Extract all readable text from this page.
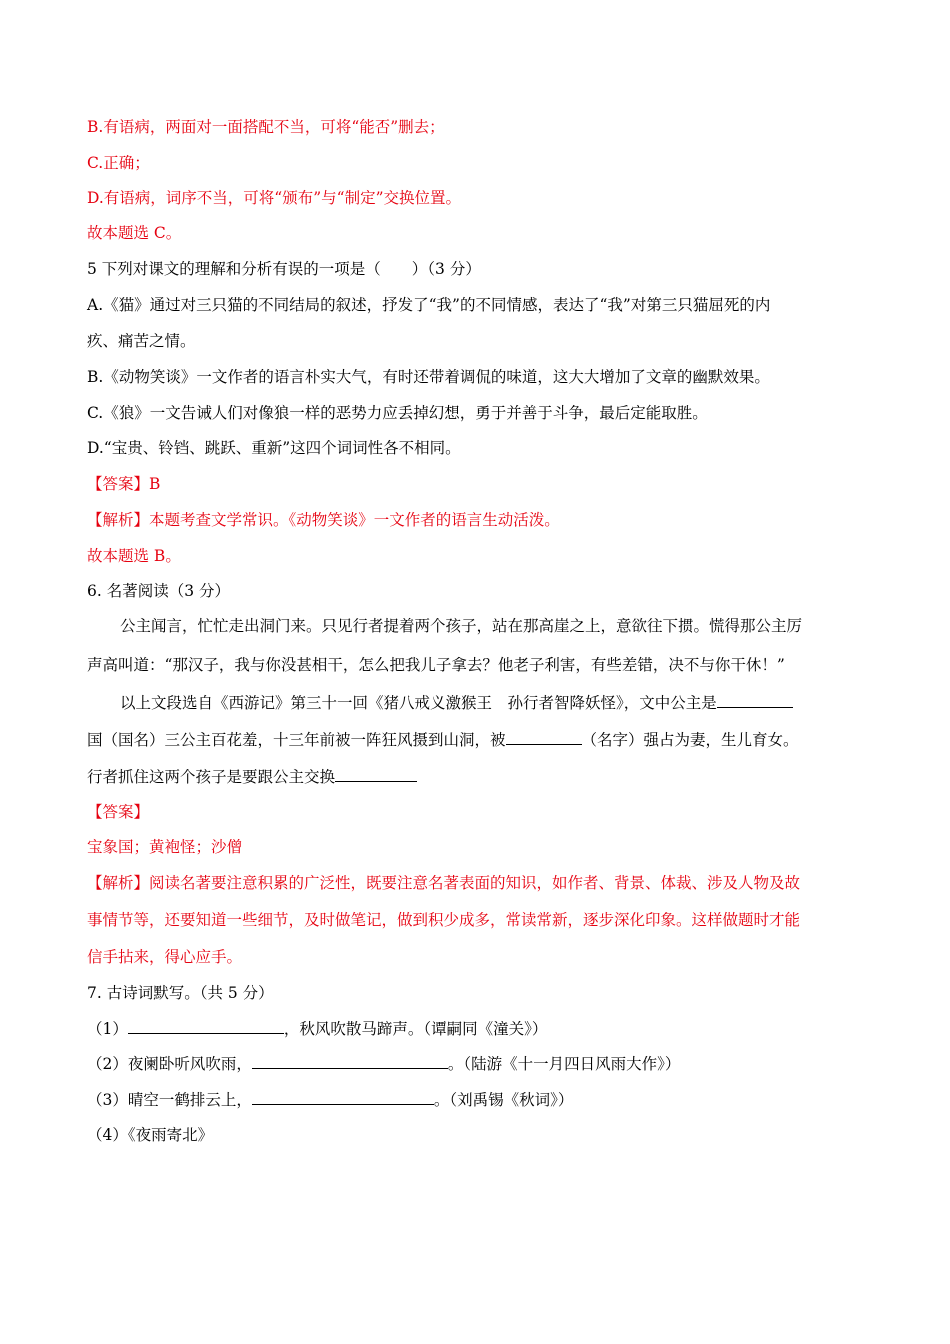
B.有语病，两面对一面搭配不当，可将“能否”删去；
C.正确；
D.有语病，词序不当，可将“颁布”与“制定”交换位置。
故本题选 C。
5 下列对课文的理解和分析有误的一项是（　　）（3 分）
A.《猫》通过对三只猫的不同结局的叙述，抒发了“我”的不同情感，表达了“我”对第三只猫屈死的内
疚、痛苦之情。
B.《动物笑谈》一文作者的语言朴实大气，有时还带着调侃的味道，这大大增加了文章的幽默效果。
C.《狼》一文告诫人们对像狼一样的恶势力应丢掉幻想，勇于并善于斗争，最后定能取胜。
D.“宝贵、铃铛、跳跃、重新”这四个词词性各不相同。
【答案】B
【解析】本题考查文学常识。《动物笑谈》一文作者的语言生动活泼。
故本题选 B。
6. 名著阅读（3 分）
公主闻言，忙忙走出洞门来。只见行者提着两个孩子，站在那高崖之上，意欲往下掼。慌得那公主厉
声高叫道：“那汉子，我与你没甚相干，怎么把我儿子拿去？他老子利害，有些差错，决不与你干休！”
以上文段选自《西游记》第三十一回《猪八戒义激猴王　孙行者智降妖怪》，文中公主是
国（国名）三公主百花羞，十三年前被一阵狂风摄到山洞，被	（名字）强占为妻，生儿育女。
行者抓住这两个孩子是要跟公主交换
【答案】
宝象国；黄袍怪；沙僧
【解析】阅读名著要注意积累的广泛性，既要注意名著表面的知识，如作者、背景、体裁、涉及人物及故
事情节等，还要知道一些细节，及时做笔记，做到积少成多，常读常新，逐步深化印象。这样做题时才能
信手拈来，得心应手。
7. 古诗词默写。（共 5 分）
（1）	，秋风吹散马蹄声。（谭嗣同《潼关》）
（2）夜阑卧听风吹雨，	。（陆游《十一月四日风雨大作》）
（3）晴空一鹤排云上，	。（刘禹锡《秋词》）
（4）《夜雨寄北》
